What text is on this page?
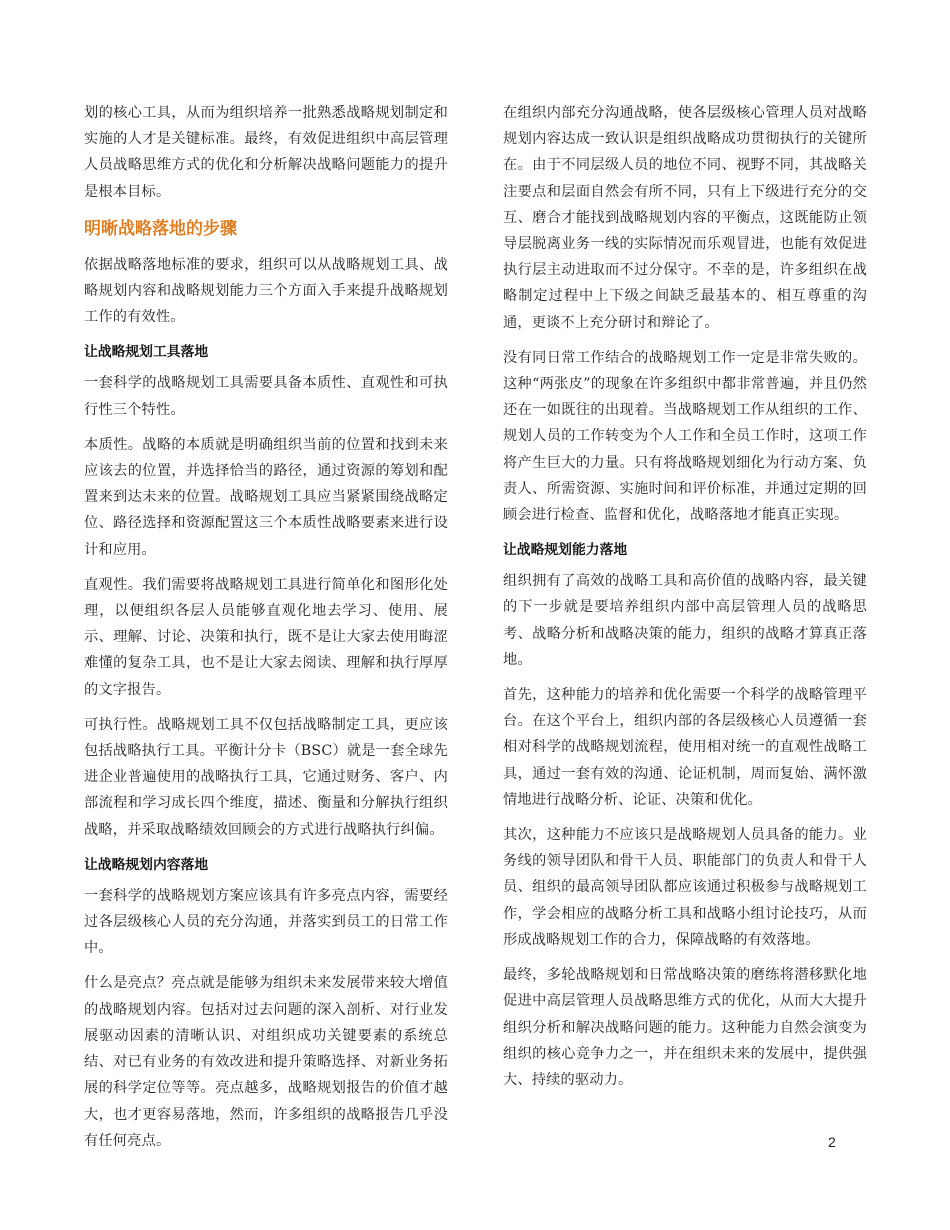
划的核心工具，从而为组织培养一批熟悉战略规划制定和实施的人才是关键标准。最终，有效促进组织中高层管理人员战略思维方式的优化和分析解决战略问题能力的提升是根本目标。

明晰战略落地的步骤

依据战略落地标准的要求，组织可以从战略规划工具、战略规划内容和战略规划能力三个方面入手来提升战略规划工作的有效性。

让战略规划工具落地

一套科学的战略规划工具需要具备本质性、直观性和可执行性三个特性。

本质性。战略的本质就是明确组织当前的位置和找到未来应该去的位置，并选择恰当的路径，通过资源的筹划和配置来到达未来的位置。战略规划工具应当紧紧围绕战略定位、路径选择和资源配置这三个本质性战略要素来进行设计和应用。

直观性。我们需要将战略规划工具进行简单化和图形化处理，以便组织各层人员能够直观化地去学习、使用、展示、理解、讨论、决策和执行，既不是让大家去使用晦涩难懂的复杂工具，也不是让大家去阅读、理解和执行厚厚的文字报告。

可执行性。战略规划工具不仅包括战略制定工具，更应该包括战略执行工具。平衡计分卡（BSC）就是一套全球先进企业普遍使用的战略执行工具，它通过财务、客户、内部流程和学习成长四个维度，描述、衡量和分解执行组织战略，并采取战略绩效回顾会的方式进行战略执行纠偏。

让战略规划内容落地

一套科学的战略规划方案应该具有许多亮点内容，需要经过各层级核心人员的充分沟通，并落实到员工的日常工作中。

什么是亮点？亮点就是能够为组织未来发展带来较大增值的战略规划内容。包括对过去问题的深入剖析、对行业发展驱动因素的清晰认识、对组织成功关键要素的系统总结、对已有业务的有效改进和提升策略选择、对新业务拓展的科学定位等等。亮点越多，战略规划报告的价值才越大，也才更容易落地，然而，许多组织的战略报告几乎没有任何亮点。

在组织内部充分沟通战略，使各层级核心管理人员对战略规划内容达成一致认识是组织战略成功贯彻执行的关键所在。由于不同层级人员的地位不同、视野不同，其战略关注要点和层面自然会有所不同，只有上下级进行充分的交互、磨合才能找到战略规划内容的平衡点，这既能防止领导层脱离业务一线的实际情况而乐观冒进，也能有效促进执行层主动进取而不过分保守。不幸的是，许多组织在战略制定过程中上下级之间缺乏最基本的、相互尊重的沟通，更谈不上充分研讨和辩论了。

没有同日常工作结合的战略规划工作一定是非常失败的。这种“两张皮”的现象在许多组织中都非常普遍，并且仍然还在一如既往的出现着。当战略规划工作从组织的工作、规划人员的工作转变为个人工作和全员工作时，这项工作将产生巨大的力量。只有将战略规划细化为行动方案、负责人、所需资源、实施时间和评价标准，并通过定期的回顾会进行检查、监督和优化，战略落地才能真正实现。

让战略规划能力落地

组织拥有了高效的战略工具和高价值的战略内容，最关键的下一步就是要培养组织内部中高层管理人员的战略思考、战略分析和战略决策的能力，组织的战略才算真正落地。

首先，这种能力的培养和优化需要一个科学的战略管理平台。在这个平台上，组织内部的各层级核心人员遵循一套相对科学的战略规划流程，使用相对统一的直观性战略工具，通过一套有效的沟通、论证机制，周而复始、满怀激情地进行战略分析、论证、决策和优化。

其次，这种能力不应该只是战略规划人员具备的能力。业务线的领导团队和骨干人员、职能部门的负责人和骨干人员、组织的最高领导团队都应该通过积极参与战略规划工作，学会相应的战略分析工具和战略小组讨论技巧，从而形成战略规划工作的合力，保障战略的有效落地。

最终，多轮战略规划和日常战略决策的磨练将潜移默化地促进中高层管理人员战略思维方式的优化，从而大大提升组织分析和解决战略问题的能力。这种能力自然会演变为组织的核心竞争力之一，并在组织未来的发展中，提供强大、持续的驱动力。

2
